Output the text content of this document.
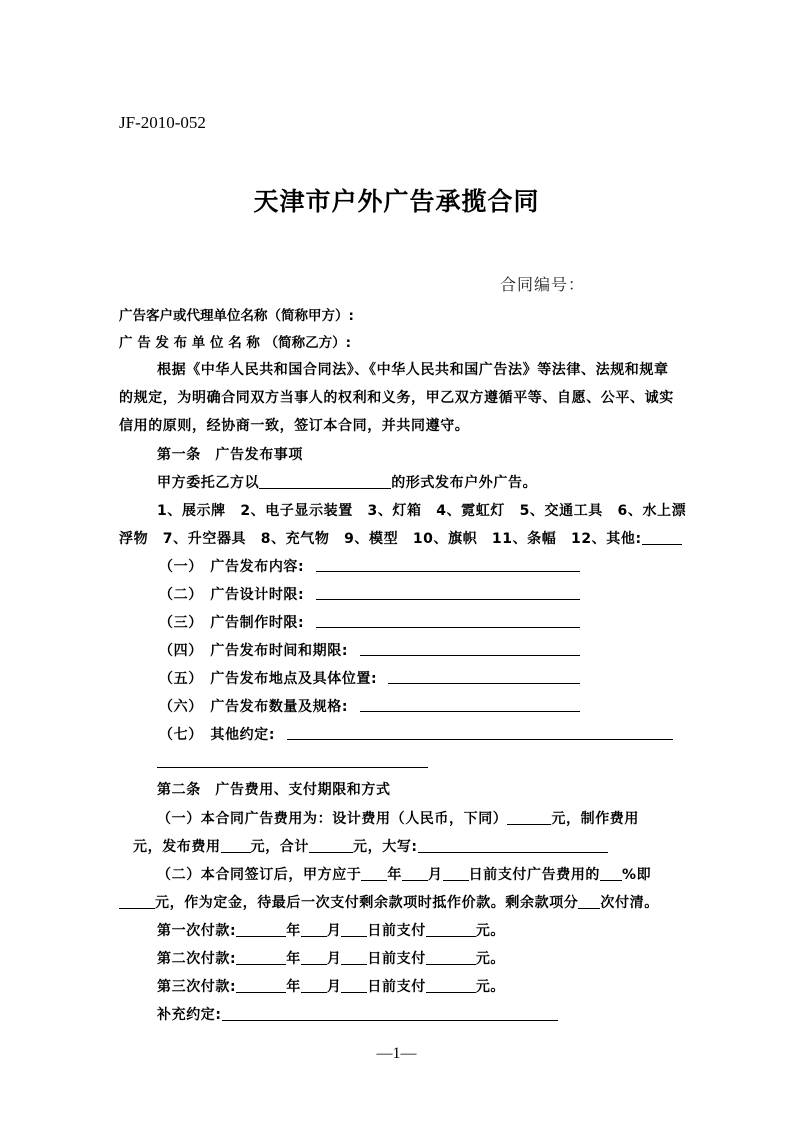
JF-2010-052
天津市户外广告承揽合同
合同编号：
广告客户或代理单位名称（简称甲方）:
广 告 发 布 单 位 名 称 （简称乙方）:
根据《中华人民共和国合同法》、《中华人民共和国广告法》等法律、法规和规章
的规定，为明确合同双方当事人的权利和义务，甲乙双方遵循平等、自愿、公平、诚实
信用的原则，经协商一致，签订本合同，并共同遵守。
第一条　广告发布事项
甲方委托乙方以	的形式发布户外广告。
1、展示牌　2、电子显示装置　3、灯箱　4、霓虹灯　5、交通工具　6、水上漂
浮物　7、升空器具　8、充气物　9、模型　10、旗帜　11、条幅　12、其他:
（一）　 广告发布内容:
（二）　 广告设计时限:
（三）　 广告制作时限:
（四）　 广告发布时间和期限:
（五）　 广告发布地点及具体位置:
（六）　 广告发布数量及规格:
（七）　 其他约定:
第二条　广告费用、支付期限和方式
（一）本合同广告费用为：设计费用（人民币，下同）	元，制作费用
元，发布费用 元，合计	元，大写:
（二）本合同签订后，甲方应于 年 月 日前支付广告费用的 %即
元，作为定金，待最后一次支付剩余款项时抵作价款。剩余款项分 次付清。
第一次付款:	年 月 日前支付	元。
第二次付款:	年 月 日前支付	元。
第三次付款:	年 月 日前支付	元。
补充约定:
—1—
